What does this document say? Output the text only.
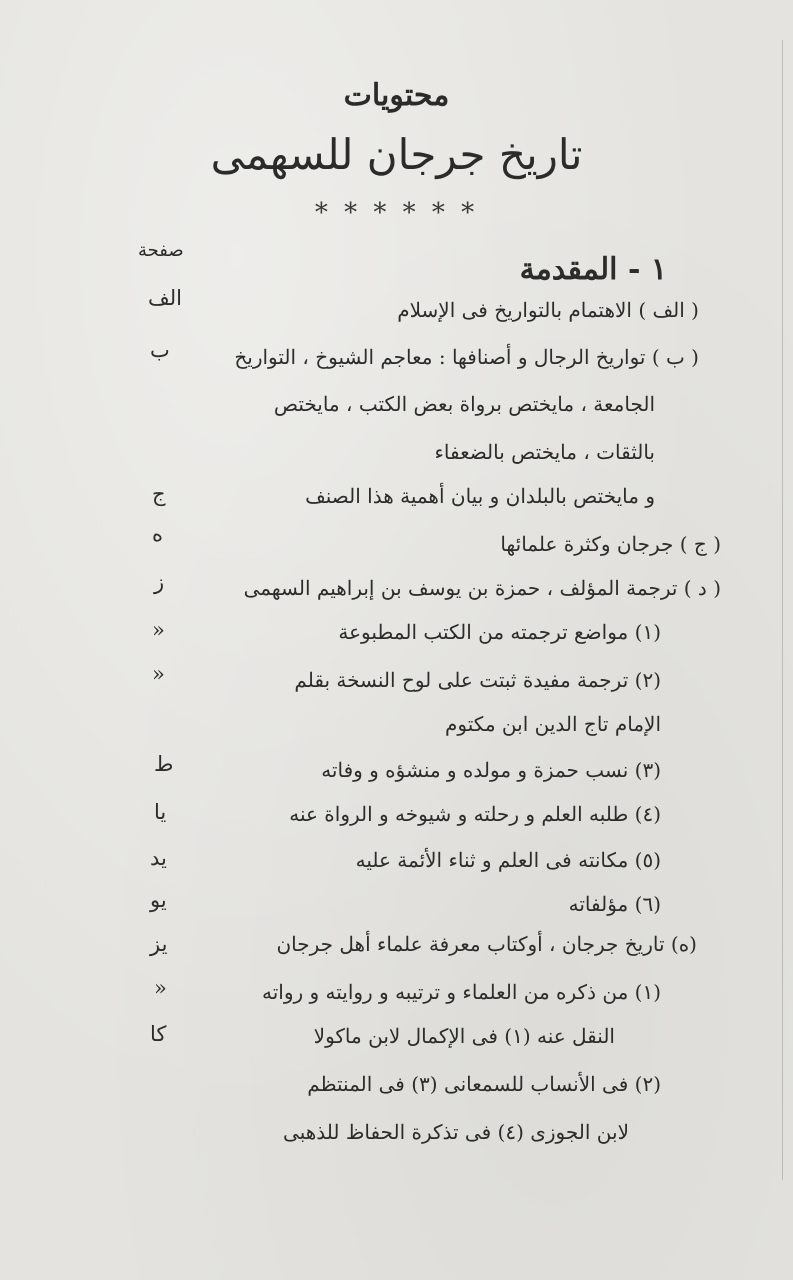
محتويات
تاريخ جرجان للسهمى
* * * * * *
صفحة
١ - المقدمة
( الف ) الاهتمام بالتواريخ فى الإسلام
الف
( ب ) تواريخ الرجال و أصنافها : معاجم الشيوخ ، التواريخ
ب
الجامعة ، مايختص برواة بعض الكتب ، مايختص
بالثقات ، مايختص بالضعفاء
و مايختص بالبلدان و بيان أهمية هذا الصنف
ج
( ج ) جرجان وكثرة علمائها
ه
( د ) ترجمة المؤلف ، حمزة بن يوسف بن إبراهيم السهمى
ز
(١) مواضع ترجمته من الكتب المطبوعة
«
(٢) ترجمة مفيدة ثبتت على لوح النسخة بقلم
«
الإمام تاج الدين ابن مكتوم
(٣) نسب حمزة و مولده و منشؤه و وفاته
ط
(٤) طلبه العلم و رحلته و شيوخه و الرواة عنه
يا
(٥) مكانته فى العلم و ثناء الأئمة عليه
يد
(٦) مؤلفاته
يو
(ه) تاريخ جرجان ، أوكتاب معرفة علماء أهل جرجان
يز
(١) من ذكره من العلماء و ترتيبه و روايته و رواته
«
النقل عنه (١) فى الإكمال لابن ماكولا
كا
(٢) فى الأنساب للسمعانى (٣) فى المنتظم
لابن الجوزى (٤) فى تذكرة الحفاظ للذهبى
